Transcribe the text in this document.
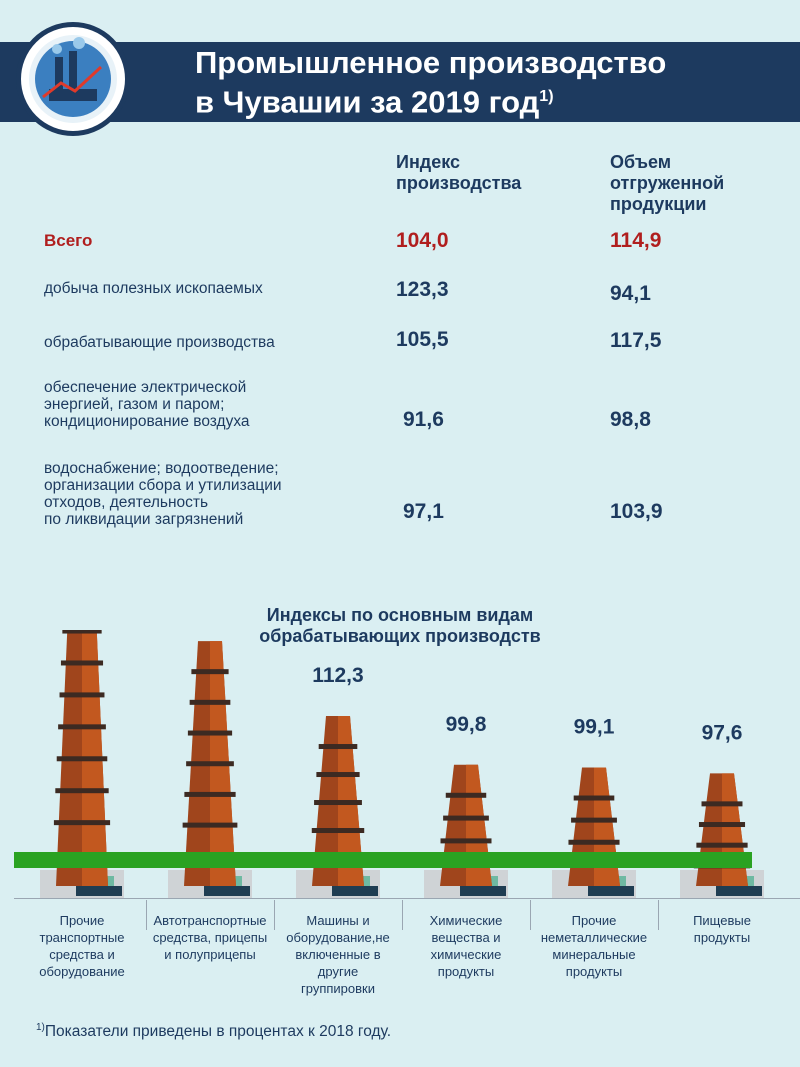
Промышленное производство
в Чувашии за 2019 год$^{1)}$
Индекс
производства
Объем
отгруженной
продукции
Всего	104,0	114,9
добыча полезных ископаемых	123,3	94,1
обрабатывающие производства	105,5	117,5
обеспечение электрической
энергией, газом и паром;
кондиционирование воздуха	91,6	98,8
водоснабжение; водоотведение;
организации сбора и утилизации
отходов, деятельность
по ликвидации загрязнений	97,1	103,9
Индексы по основным видам
обрабатывающих производств
112,3
99,8	99,1	97,6
Прочие
транспортные
средства и
оборудование
Автотранспортные
средства, прицепы
и полуприцепы
Машины и
оборудование,не
включенные в
другие
группировки
Химические
вещества и
химические
продукты
Прочие
неметаллические
минеральные
продукты
Пищевые
продукты
$^{1)}$Показатели приведены в процентах к 2018 году.
